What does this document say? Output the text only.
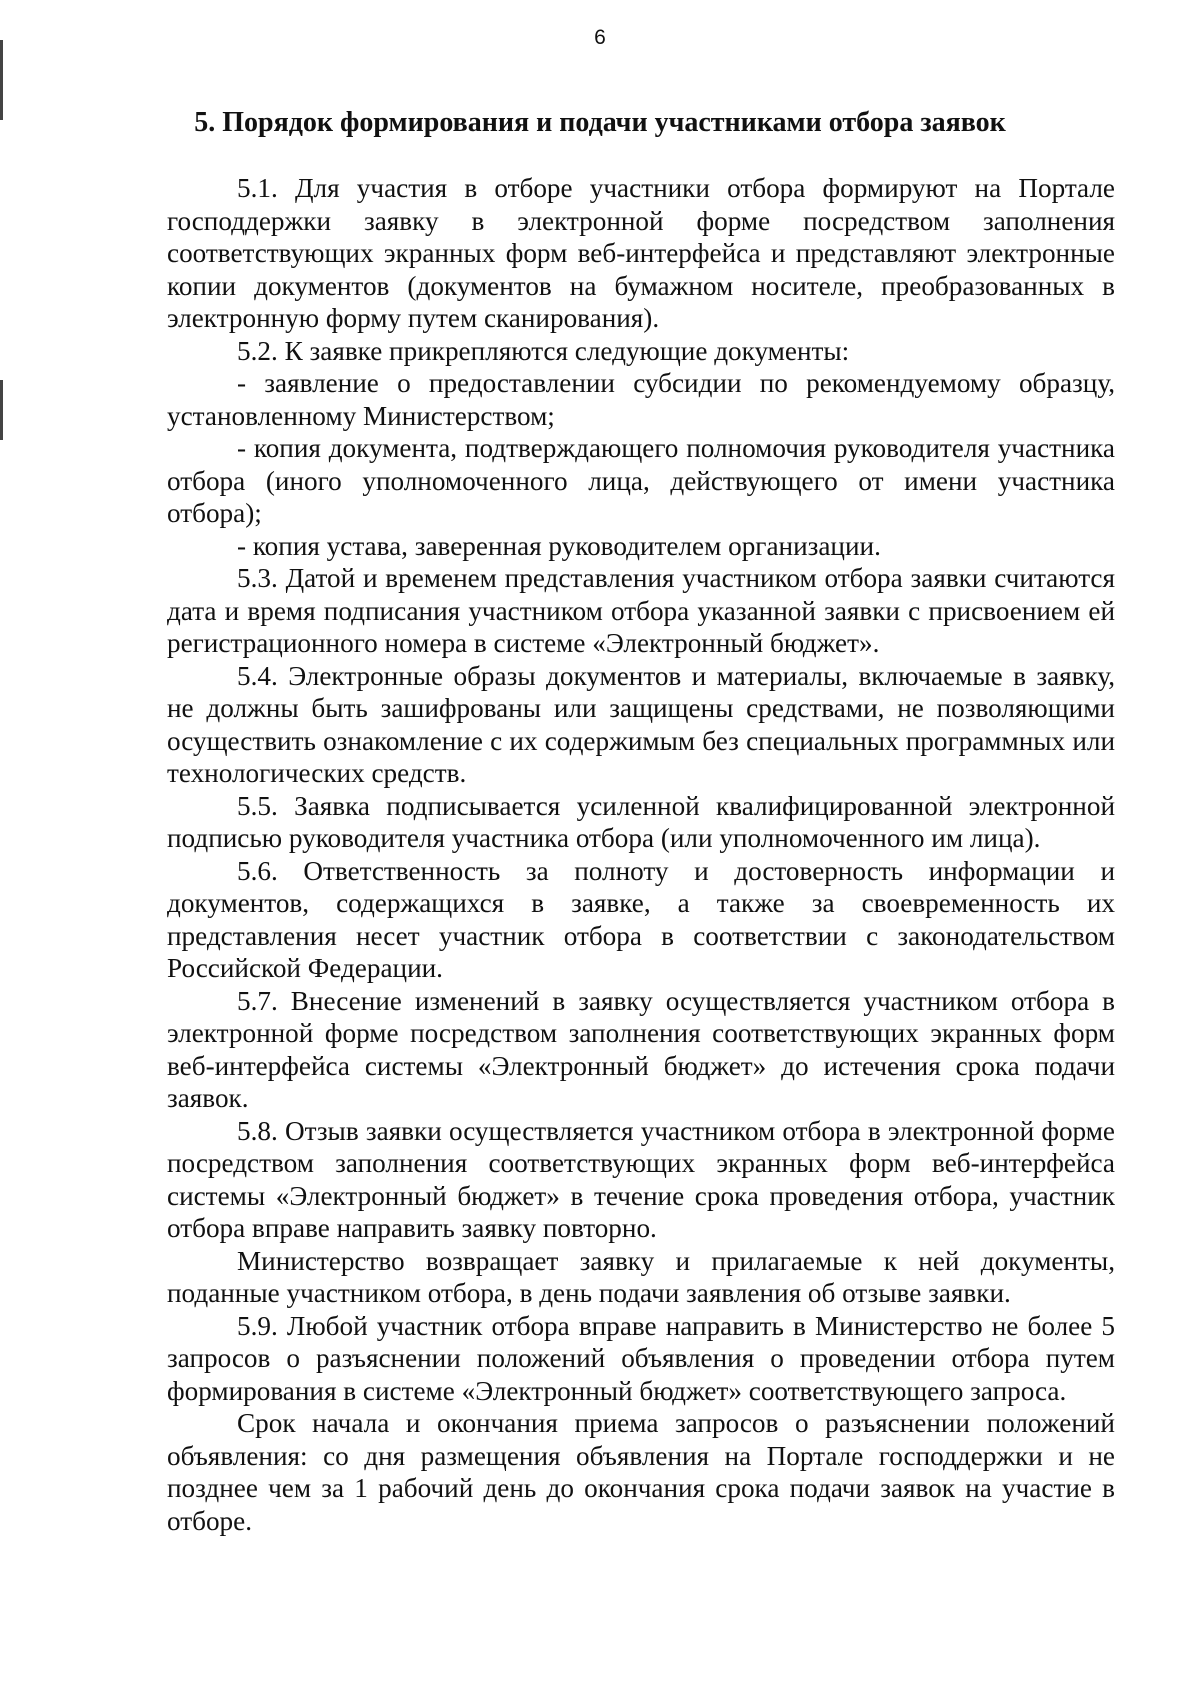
6
5. Порядок формирования и подачи участниками отбора заявок

5.1. Для участия в отборе участники отбора формируют на Портале господдержки заявку в электронной форме посредством заполнения соответствующих экранных форм веб-интерфейса и представляют электронные копии документов (документов на бумажном носителе, преобразованных в электронную форму путем сканирования).

5.2. К заявке прикрепляются следующие документы:

- заявление о предоставлении субсидии по рекомендуемому образцу, установленному Министерством;

- копия документа, подтверждающего полномочия руководителя участника отбора (иного уполномоченного лица, действующего от имени участника отбора);

- копия устава, заверенная руководителем организации.

5.3. Датой и временем представления участником отбора заявки считаются дата и время подписания участником отбора указанной заявки с присвоением ей регистрационного номера в системе «Электронный бюджет».

5.4. Электронные образы документов и материалы, включаемые в заявку, не должны быть зашифрованы или защищены средствами, не позволяющими осуществить ознакомление с их содержимым без специальных программных или технологических средств.

5.5. Заявка подписывается усиленной квалифицированной электронной подписью руководителя участника отбора (или уполномоченного им лица).

5.6. Ответственность за полноту и достоверность информации и документов, содержащихся в заявке, а также за своевременность их представления несет участник отбора в соответствии с законодательством Российской Федерации.

5.7. Внесение изменений в заявку осуществляется участником отбора в электронной форме посредством заполнения соответствующих экранных форм веб-интерфейса системы «Электронный бюджет» до истечения срока подачи заявок.

5.8. Отзыв заявки осуществляется участником отбора в электронной форме посредством заполнения соответствующих экранных форм веб-интерфейса системы «Электронный бюджет» в течение срока проведения отбора, участник отбора вправе направить заявку повторно.

Министерство возвращает заявку и прилагаемые к ней документы, поданные участником отбора, в день подачи заявления об отзыве заявки.

5.9. Любой участник отбора вправе направить в Министерство не более 5 запросов о разъяснении положений объявления о проведении отбора путем формирования в системе «Электронный бюджет» соответствующего запроса.

Срок начала и окончания приема запросов о разъяснении положений объявления: со дня размещения объявления на Портале господдержки и не позднее чем за 1 рабочий день до окончания срока подачи заявок на участие в отборе.
